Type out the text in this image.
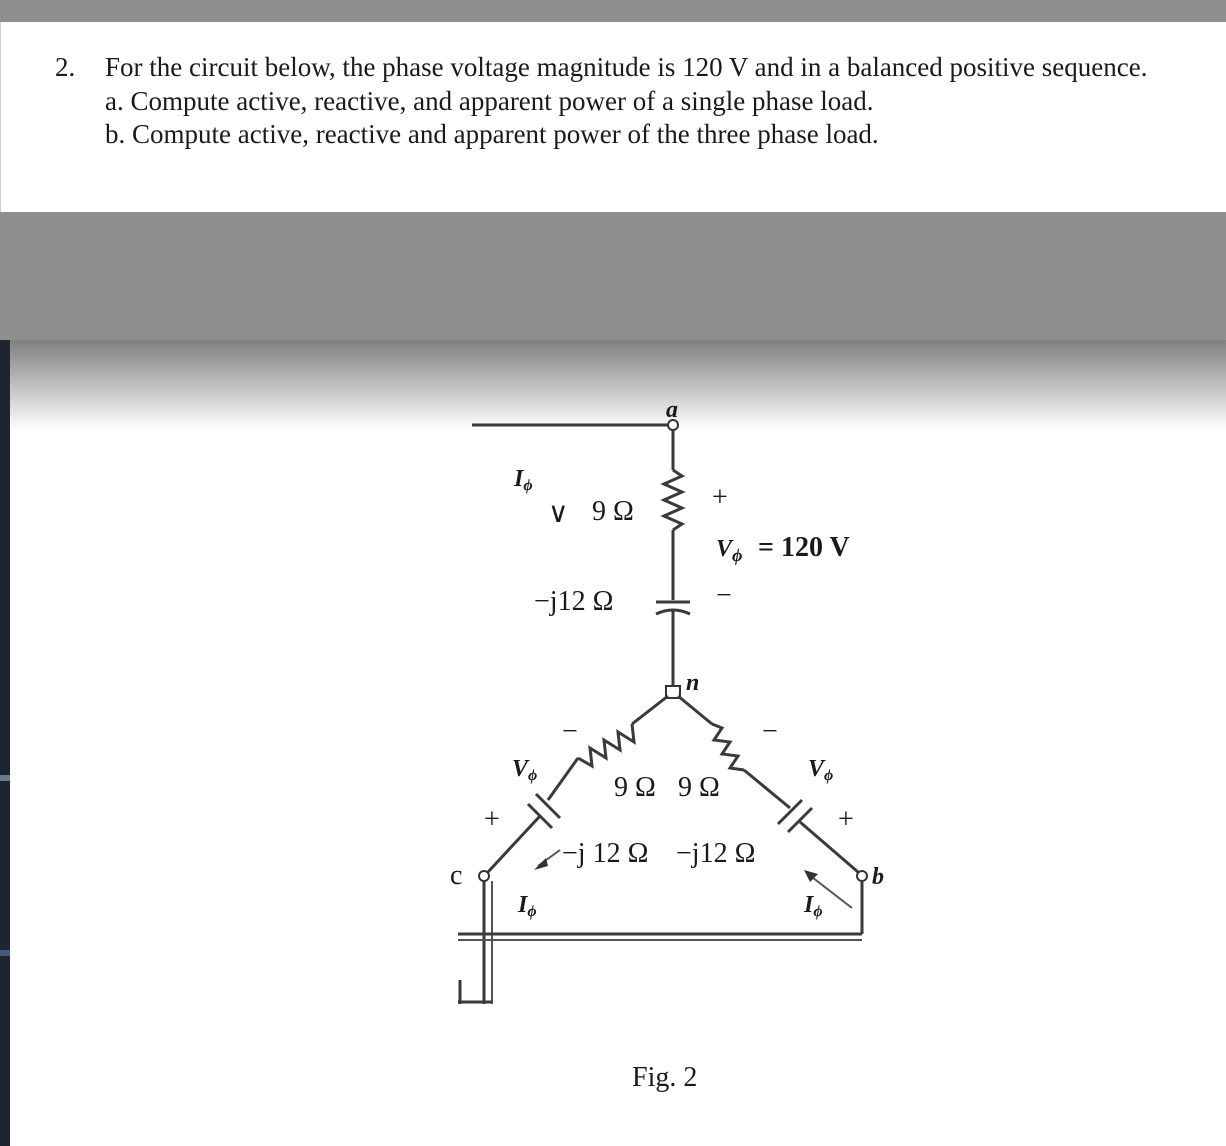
2. For the circuit below, the phase voltage magnitude is 120 V and in a balanced positive sequence.
a. Compute active, reactive, and apparent power of a single phase load.
b. Compute active, reactive and apparent power of the three phase load.
a
n
c	b
Iϕ
∨ 9 Ω	+
$V_\phi = 120$ V
−j12 Ω	−
−
Vϕ
+
9 Ω
−j 12 Ω
Iϕ
−
9 Ω
Vϕ
+
−j12 Ω
Iϕ
Fig. 2
